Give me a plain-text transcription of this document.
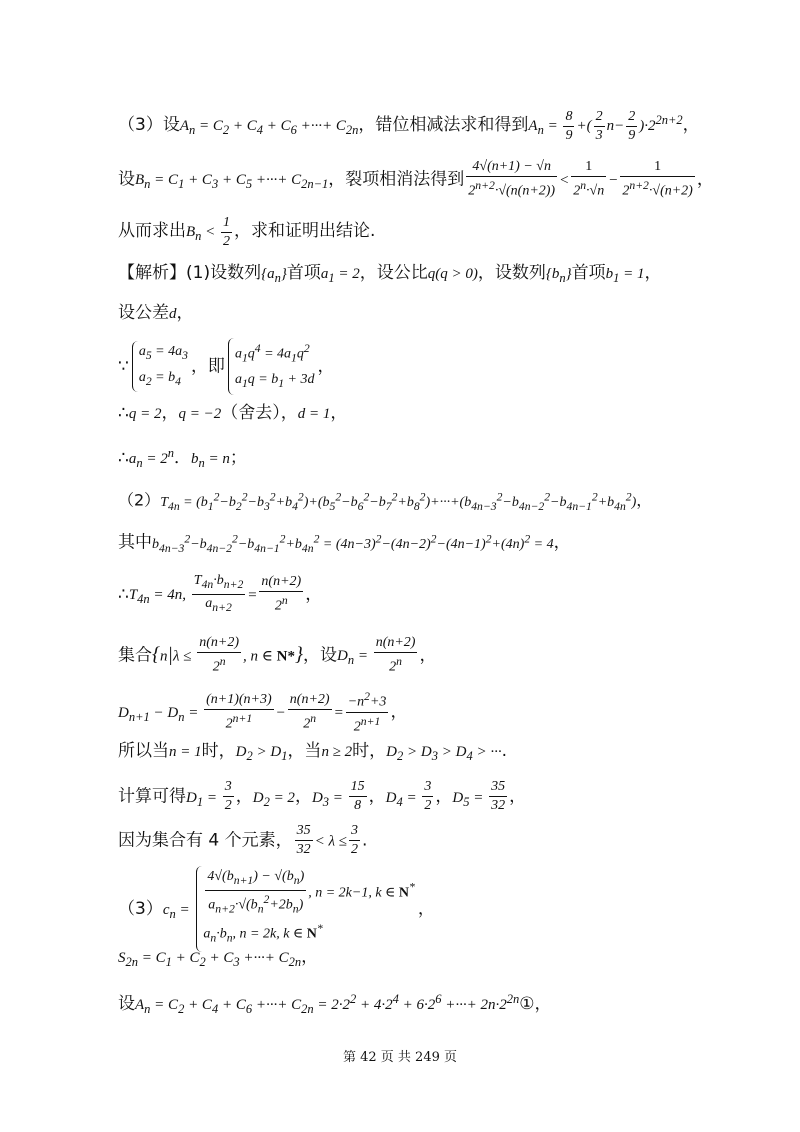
（3）设$A_n = C_2 + C_4 + C_6$ +···+ $C_{2n}$，错位相减法求和得到$A_n = \frac{8}{9}$ +( $\frac{2}{3} n- \frac{2}{9} )\cdot 2^{2n+2}$，
设$B_n = C_1 + C_3 + C_5$ +···+ $C_{2n-1}$，裂项相消法得到 $\frac{4√(n+1) - √n}{2^{n+2}\cdot√(n(n+2))} < \frac{1}{2^n\cdot√n} - \frac{1}{2^{n+2}\cdot√(n+2)}$ ，
从而求出$B_n < \frac{1}{2}$ ，求和证明出结论.
【解析】(1)设数列$\{a_n\}$首项$a_1 = 2$，设公比q(q > 0)，设数列$\{b_n\}$首项$b_1 = 1$，
设公差d，
∵
$a_5 = 4a_3$
$a_2 = b_4$
，即
$a_1q^4 = 4a_1q^2$
$a_1q = b_1 + 3d$
，
∴q = 2，q = −2（舍去），d = 1，
$\therefore a_n = 2^n$．$b_n = n$；
$(2)T_{4n} = (b_1^2-b_2^2-b_3^2+b_4^2)+(b_5^2-b_6^2-b_7^2+b_8^2)+\cdot\cdot\cdot+(b_{4n-3}^2-b_{4n-2}^2-b_{4n-1}^2+b_{4n}^2)$，
其中$b_{4n-3}^2-b_{4n-2}^2-b_{4n-1}^2+b_{4n}^2 = (4n-3)^2-(4n-2)^2-(4n-1)^2+(4n)^2 = 4$，
$\therefore T_{4n} = 4n$, $\frac{T_{4n}\cdot b_{n+2}}{a_{n+2}} = \frac{n(n+2)}{2^n}$ ，
集合{$n|\lambda \le \frac{n(n+2)}{2^n}$ , n ∈ N*}，设$D_n = \frac{n(n+2)}{2^n}$ ，
$D_{n+1} - D_n = \frac{(n+1)(n+3)}{2^{n+1}} - \frac{n(n+2)}{2^n} = \frac{-n^2+3}{2^{n+1}}$ ，
所以当n = 1时，$D_2 > D_1$，当n ≥ 2时，$D_2 > D_3 > D_4$ > ···.
计算可得$D_1 = \frac{3}{2}$ ，$D_2 = 2$，$D_3 = \frac{15}{8}$ ，$D_4 = \frac{3}{2}$ ，$D_5 = \frac{35}{32}$ ，
因为集合有 4 个元素， $\frac{35}{32} < \lambda \le \frac{3}{2}$ .
$(3)c_n = \frac{4√(b_{n+1}) - √(b_n)}{a_{n+2}\cdot√(b_n^2+2b_n)}$ , n = 2k−1, k ∈ N*
$a_n\cdot b_n$, n = 2k, k ∈ N*
，
$S_{2n} = C_1 + C_2 + C_3$ +···+ $C_{2n}$，
设$A_n = C_2 + C_4 + C_6$ +···+ $C_{2n} = 2\cdot 2^2 + 4\cdot 2^4 + 6\cdot 2^6$ +···+ $2n\cdot 2^{2n}①$，
第 42 页 共 249 页
